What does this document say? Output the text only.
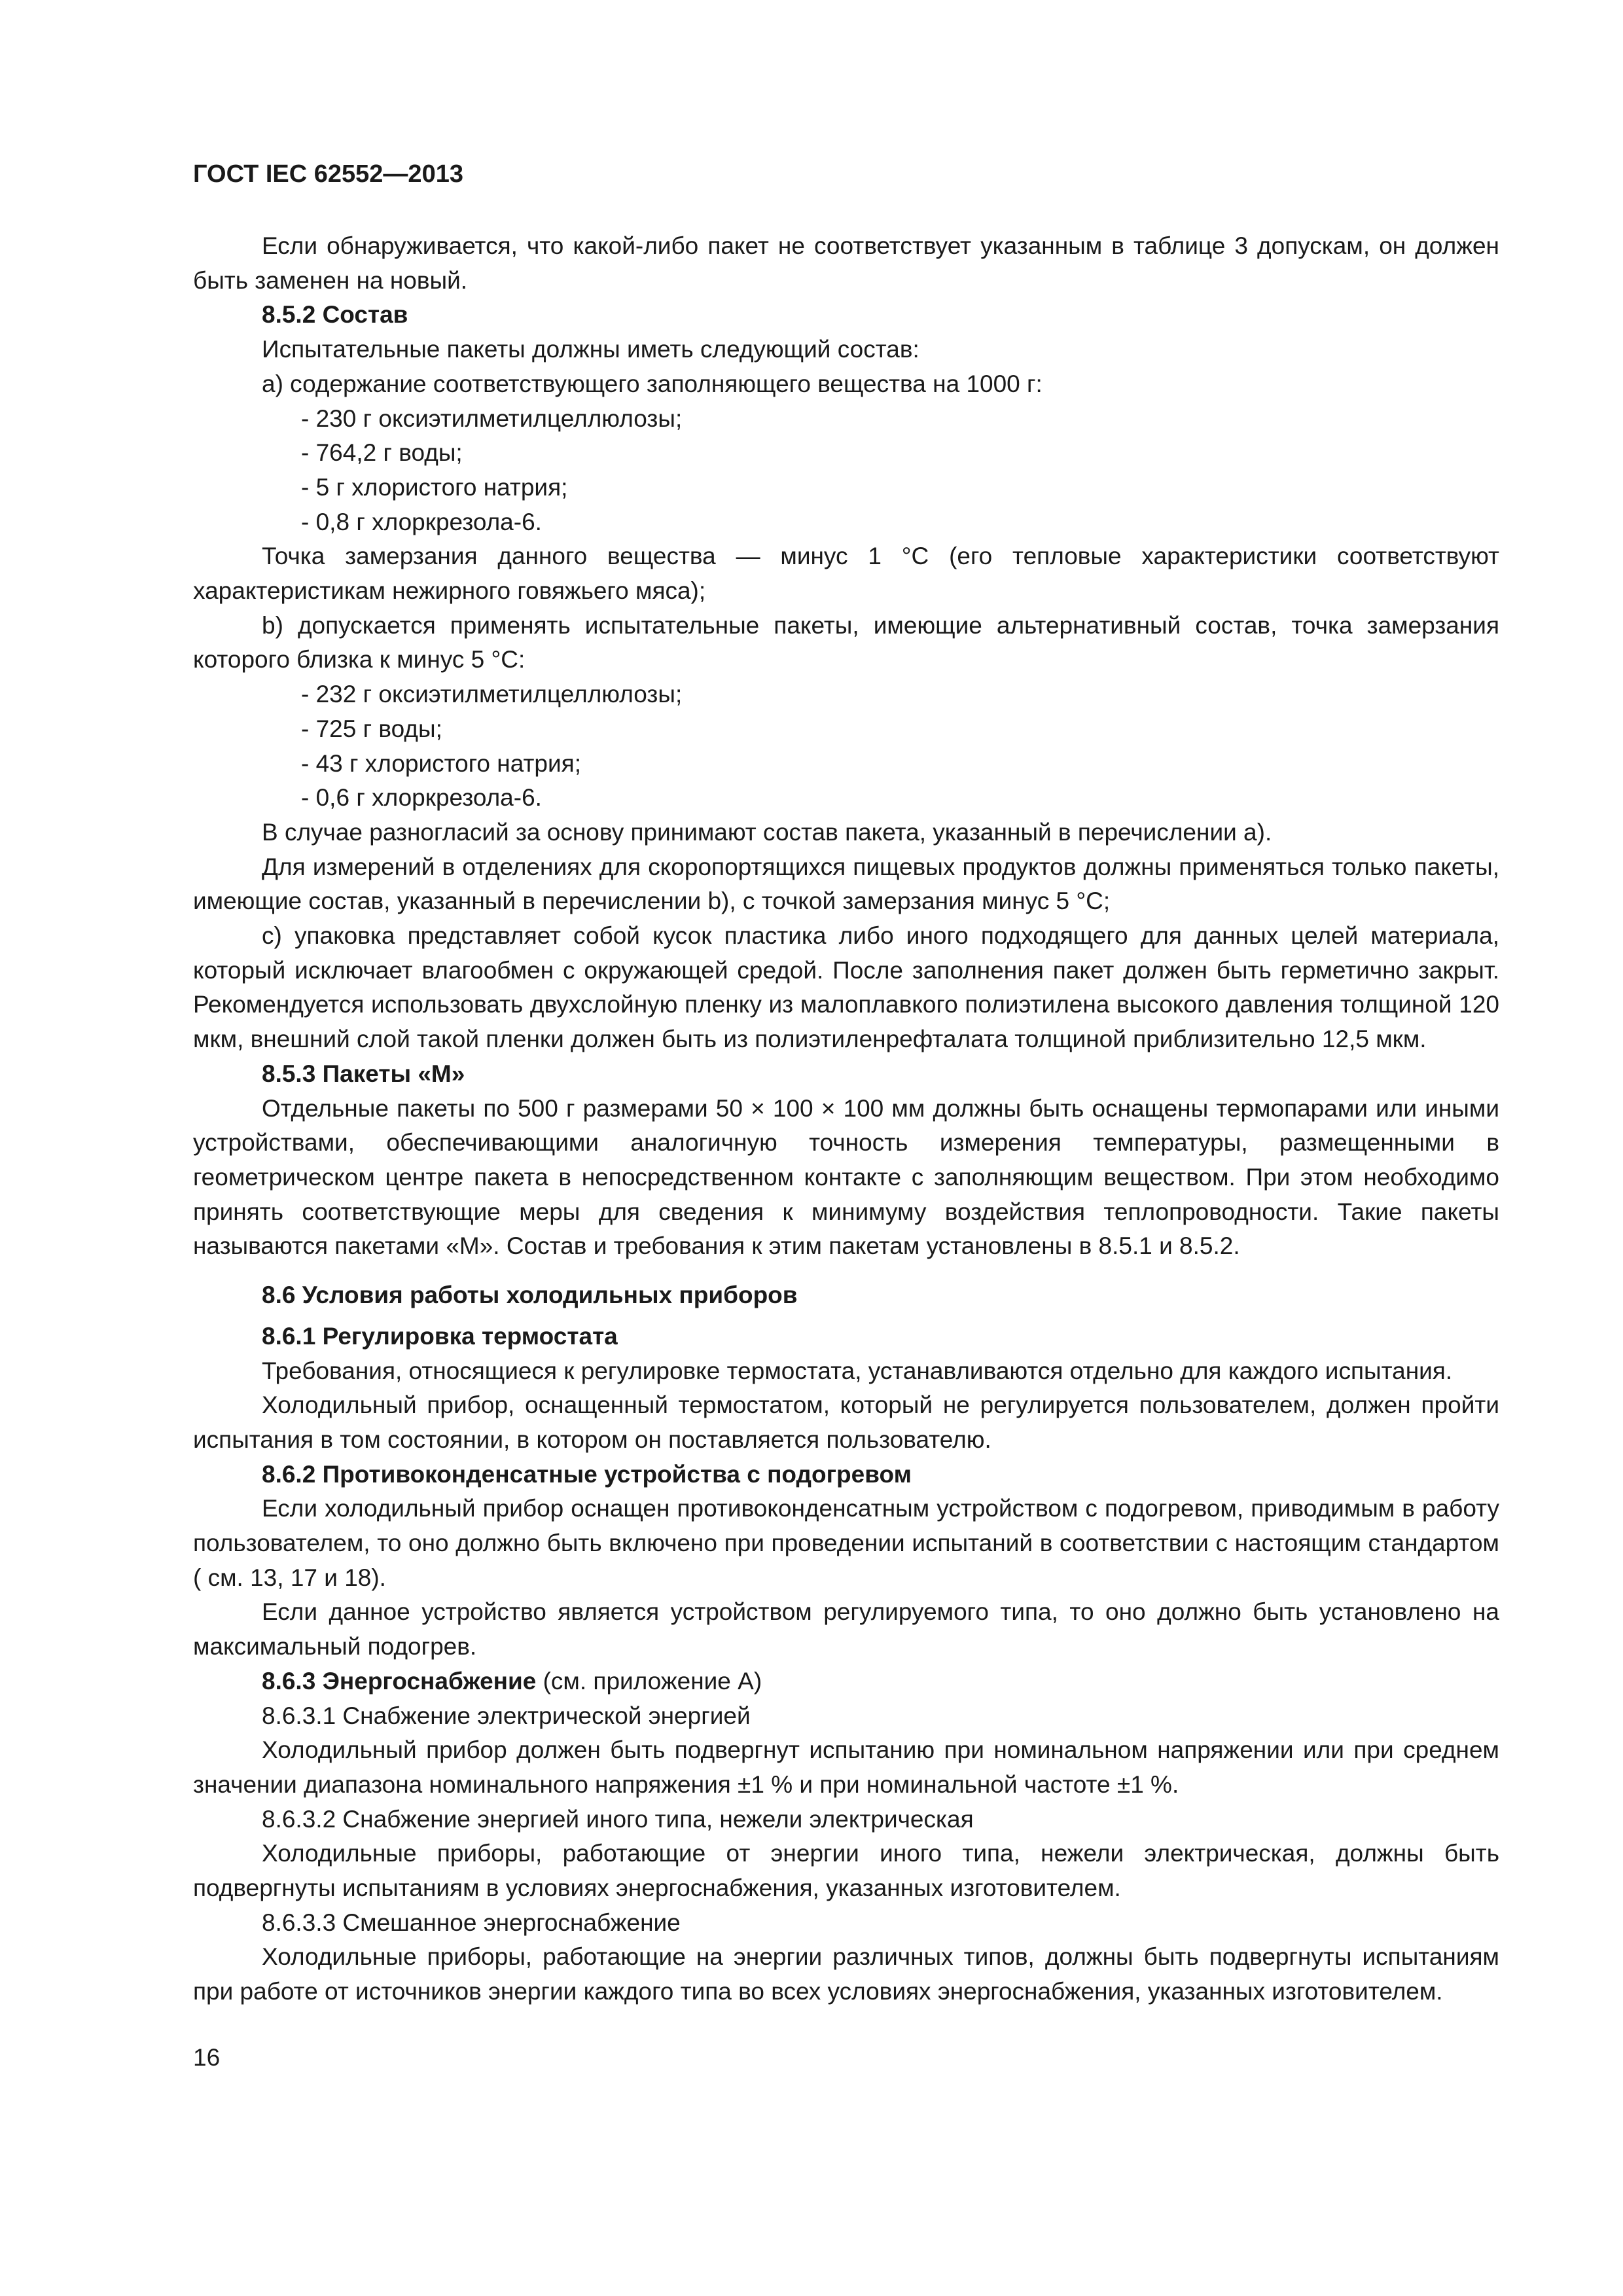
ГОСТ IEC 62552—2013

Если обнаруживается, что какой-либо пакет не соответствует указанным в таблице 3 допускам, он должен быть заменен на новый.

8.5.2 Состав

Испытательные пакеты должны иметь следующий состав:

а) содержание соответствующего заполняющего вещества на 1000 г:

- 230 г оксиэтилметилцеллюлозы;
- 764,2 г воды;
- 5 г хлористого натрия;
- 0,8 г хлоркрезола-6.

Точка замерзания данного вещества — минус 1 °С (его тепловые характеристики соответствуют характеристикам нежирного говяжьего мяса);

b) допускается применять испытательные пакеты, имеющие альтернативный состав, точка замерзания которого близка к минус 5 °С:

- 232 г оксиэтилметилцеллюлозы;
- 725 г воды;
- 43 г хлористого натрия;
- 0,6 г хлоркрезола-6.

В случае разногласий за основу принимают состав пакета, указанный в перечислении а).

Для измерений в отделениях для скоропортящихся пищевых продуктов должны применяться только пакеты, имеющие состав, указанный в перечислении b), с точкой замерзания минус 5 °С;

с) упаковка представляет собой кусок пластика либо иного подходящего для данных целей материала, который исключает влагообмен с окружающей средой. После заполнения пакет должен быть герметично закрыт. Рекомендуется использовать двухслойную пленку из малоплавкого полиэтилена высокого давления толщиной 120 мкм, внешний слой такой пленки должен быть из полиэтиленрефталата толщиной приблизительно 12,5 мкм.

8.5.3 Пакеты «М»

Отдельные пакеты по 500 г размерами 50 × 100 × 100 мм должны быть оснащены термопарами или иными устройствами, обеспечивающими аналогичную точность измерения температуры, размещенными в геометрическом центре пакета в непосредственном контакте с заполняющим веществом. При этом необходимо принять соответствующие меры для сведения к минимуму воздействия теплопроводности. Такие пакеты называются пакетами «М». Состав и требования к этим пакетам установлены в 8.5.1 и 8.5.2.

8.6 Условия работы холодильных приборов

8.6.1 Регулировка термостата

Требования, относящиеся к регулировке термостата, устанавливаются отдельно для каждого испытания.

Холодильный прибор, оснащенный термостатом, который не регулируется пользователем, должен пройти испытания в том состоянии, в котором он поставляется пользователю.

8.6.2 Противоконденсатные устройства с подогревом

Если холодильный прибор оснащен противоконденсатным устройством с подогревом, приводимым в работу пользователем, то оно должно быть включено при проведении испытаний в соответствии с настоящим стандартом ( см. 13, 17 и 18).

Если данное устройство является устройством регулируемого типа, то оно должно быть установлено на максимальный подогрев.

8.6.3 Энергоснабжение (см. приложение А)

8.6.3.1 Снабжение электрической энергией

Холодильный прибор должен быть подвергнут испытанию при номинальном напряжении или при среднем значении диапазона номинального напряжения ±1 % и при номинальной частоте ±1 %.

8.6.3.2 Снабжение энергией иного типа, нежели электрическая

Холодильные приборы, работающие от энергии иного типа, нежели электрическая, должны быть подвергнуты испытаниям в условиях энергоснабжения, указанных изготовителем.

8.6.3.3 Смешанное энергоснабжение

Холодильные приборы, работающие на энергии различных типов, должны быть подвергнуты испытаниям при работе от источников энергии каждого типа во всех условиях энергоснабжения, указанных изготовителем.

16
